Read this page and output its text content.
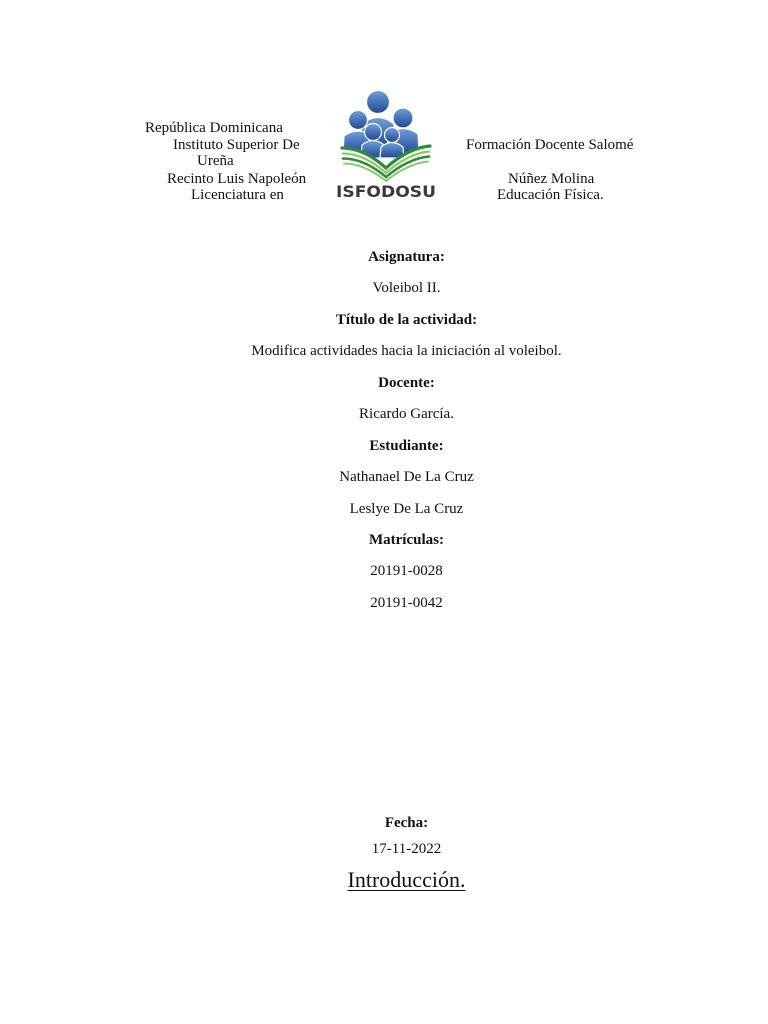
República Dominicana
Instituto Superior De
Ureña
Recinto Luis Napoleón
Licenciatura en	ISFODOSU
Formación Docente Salomé
Núñez Molina
Educación Física.
Asignatura:
Voleibol II.
Título de la actividad:
Modifica actividades hacia la iniciación al voleibol.
Docente:
Ricardo García.
Estudiante:
Nathanael De La Cruz
Leslye De La Cruz
Matrículas:
20191-0028
20191-0042
Fecha:
17-11-2022
Introducción.
